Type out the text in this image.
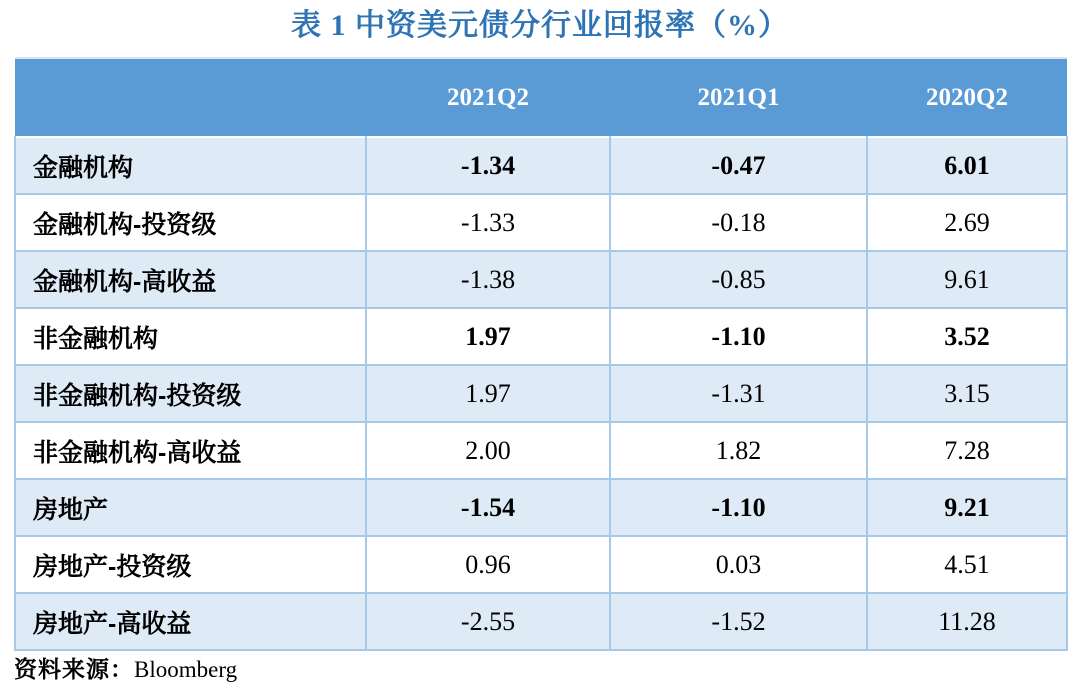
表 1 中资美元债分行业回报率（%）
	2021Q2	2021Q1	2020Q2
金融机构	-1.34	-0.47	6.01
金融机构-投资级	-1.33	-0.18	2.69
金融机构-高收益	-1.38	-0.85	9.61
非金融机构	1.97	-1.10	3.52
非金融机构-投资级	1.97	-1.31	3.15
非金融机构-高收益	2.00	1.82	7.28
房地产	-1.54	-1.10	9.21
房地产-投资级	0.96	0.03	4.51
房地产-高收益	-2.55	-1.52	11.28
资料来源：Bloomberg
